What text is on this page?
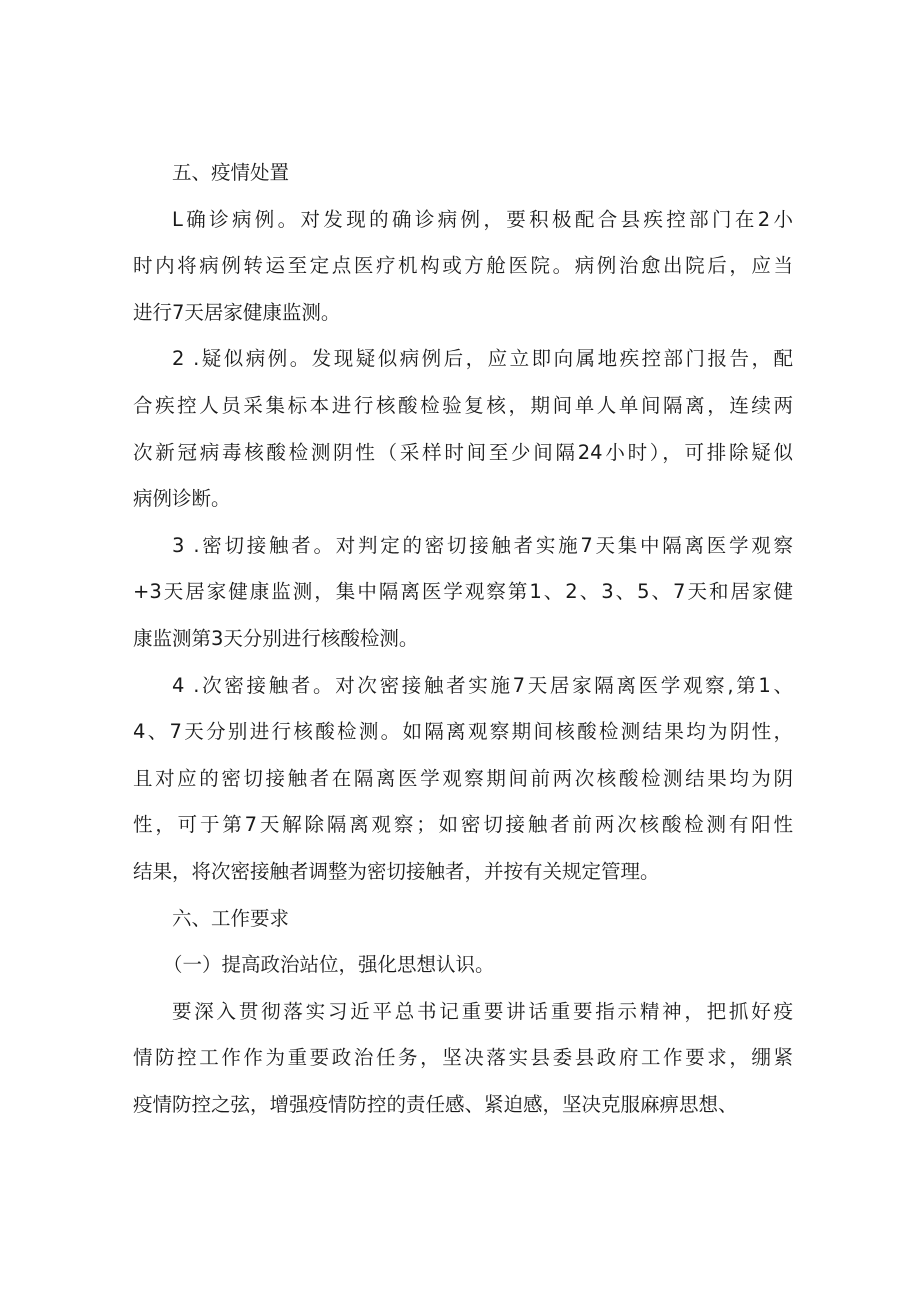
五、疫情处置
L确诊病例。对发现的确诊病例，要积极配合县疾控部门在2小
时内将病例转运至定点医疗机构或方舱医院。病例治愈出院后，应当
进行7天居家健康监测。
2 .疑似病例。发现疑似病例后，应立即向属地疾控部门报告，配
合疾控人员采集标本进行核酸检验复核，期间单人单间隔离，连续两
次新冠病毒核酸检测阴性（采样时间至少间隔24小时），可排除疑似
病例诊断。
3 .密切接触者。对判定的密切接触者实施7天集中隔离医学观察
+3天居家健康监测，集中隔离医学观察第1、2、3、5、7天和居家健
康监测第3天分别进行核酸检测。
4 .次密接触者。对次密接触者实施7天居家隔离医学观察,第1、
4、7天分别进行核酸检测。如隔离观察期间核酸检测结果均为阴性，
且对应的密切接触者在隔离医学观察期间前两次核酸检测结果均为阴
性，可于第7天解除隔离观察；如密切接触者前两次核酸检测有阳性
结果，将次密接触者调整为密切接触者，并按有关规定管理。
六、工作要求
（一）提高政治站位，强化思想认识。
要深入贯彻落实习近平总书记重要讲话重要指示精神，把抓好疫
情防控工作作为重要政治任务，坚决落实县委县政府工作要求，绷紧
疫情防控之弦，增强疫情防控的责任感、紧迫感，坚决克服麻痹思想、
